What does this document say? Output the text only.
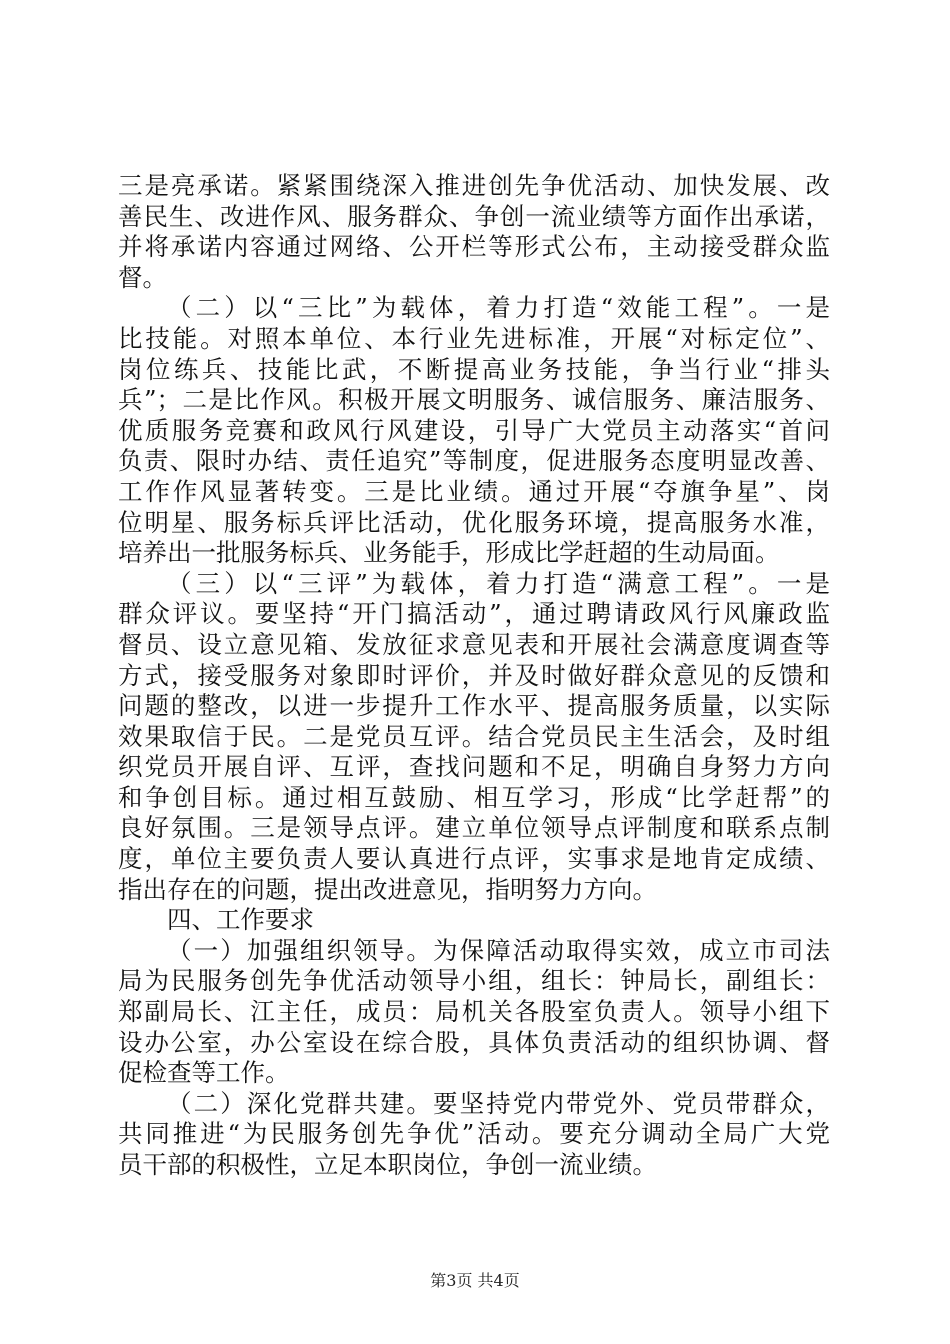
三是亮承诺。紧紧围绕深入推进创先争优活动、加快发展、改
善民生、改进作风、服务群众、争创一流业绩等方面作出承诺，
并将承诺内容通过网络、公开栏等形式公布，主动接受群众监
督。
（二）以“三比”为载体，着力打造“效能工程”。一是
比技能。对照本单位、本行业先进标准，开展“对标定位”、
岗位练兵、技能比武，不断提高业务技能，争当行业“排头
兵”；二是比作风。积极开展文明服务、诚信服务、廉洁服务、
优质服务竞赛和政风行风建设，引导广大党员主动落实“首问
负责、限时办结、责任追究”等制度，促进服务态度明显改善、
工作作风显著转变。三是比业绩。通过开展“夺旗争星”、岗
位明星、服务标兵评比活动，优化服务环境，提高服务水准，
培养出一批服务标兵、业务能手，形成比学赶超的生动局面。
（三）以“三评”为载体，着力打造“满意工程”。一是
群众评议。要坚持“开门搞活动”，通过聘请政风行风廉政监
督员、设立意见箱、发放征求意见表和开展社会满意度调查等
方式，接受服务对象即时评价，并及时做好群众意见的反馈和
问题的整改，以进一步提升工作水平、提高服务质量，以实际
效果取信于民。二是党员互评。结合党员民主生活会，及时组
织党员开展自评、互评，查找问题和不足，明确自身努力方向
和争创目标。通过相互鼓励、相互学习，形成“比学赶帮”的
良好氛围。三是领导点评。建立单位领导点评制度和联系点制
度，单位主要负责人要认真进行点评，实事求是地肯定成绩、
指出存在的问题，提出改进意见，指明努力方向。
四、工作要求
（一）加强组织领导。为保障活动取得实效，成立市司法
局为民服务创先争优活动领导小组，组长：钟局长，副组长：
郑副局长、江主任，成员：局机关各股室负责人。领导小组下
设办公室，办公室设在综合股，具体负责活动的组织协调、督
促检查等工作。
（二）深化党群共建。要坚持党内带党外、党员带群众，
共同推进“为民服务创先争优”活动。要充分调动全局广大党
员干部的积极性，立足本职岗位，争创一流业绩。
第3页 共4页
